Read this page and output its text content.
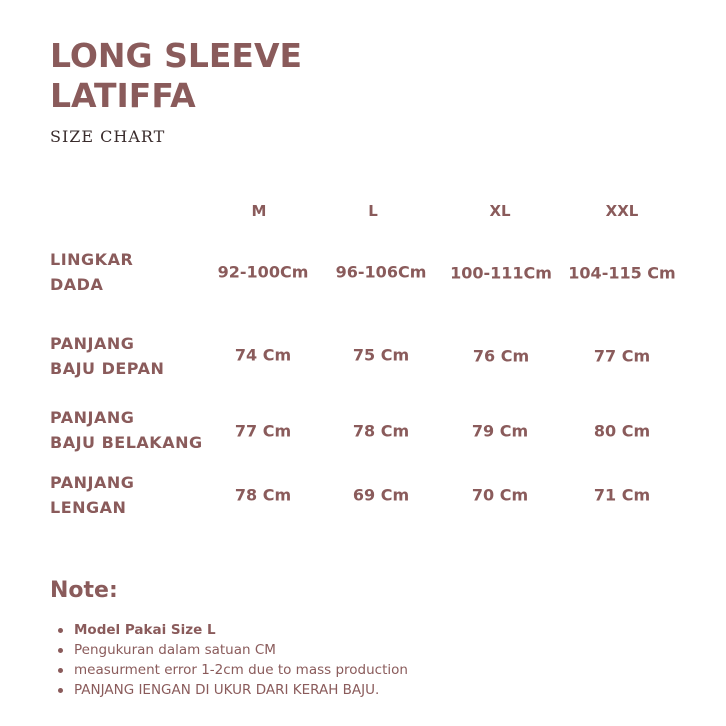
LONG SLEEVE
LATIFFA
SIZE CHART
M	L	XL	XXL
LINGKAR
DADA
92-100Cm 96-106Cm 100-111Cm 104-115 Cm
PANJANG
BAJU DEPAN
74 Cm	75 Cm	76 Cm	77 Cm
PANJANG
BAJU BELAKANG
77 Cm	78 Cm	79 Cm	80 Cm
PANJANG
LENGAN
78 Cm	69 Cm	70 Cm	71 Cm
Note:
Model Pakai Size L
Pengukuran dalam satuan CM
measurment error 1-2cm due to mass production
PANJANG IENGAN DI UKUR DARI KERAH BAJU.
